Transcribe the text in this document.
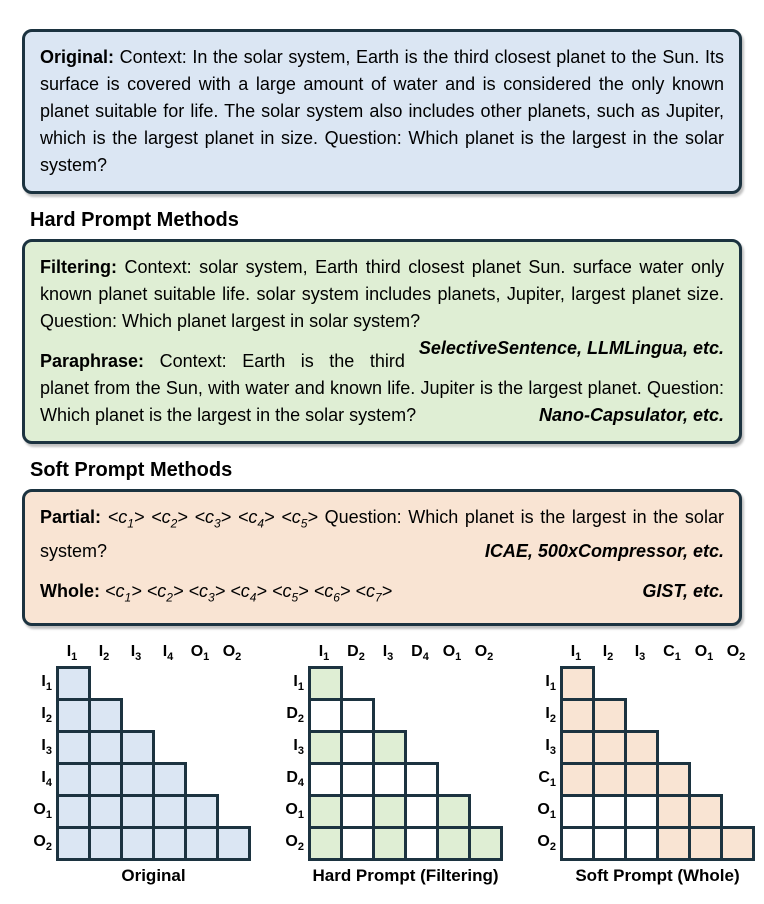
Original: Context: In the solar system, Earth is the third closest planet to the Sun. Its surface is covered with a large amount of water and is considered the only known planet suitable for life. The solar system also includes other planets, such as Jupiter, which is the largest planet in size. Question: Which planet is the largest in the solar system?

Hard Prompt Methods

Filtering: Context: solar system, Earth third closest planet Sun. surface water only known planet suitable life. solar system includes planets, Jupiter, largest planet size. Question: Which planet largest in solar system?
SelectiveSentence, LLMLingua, etc.

Paraphrase: Context: Earth is the third planet from the Sun, with water and known life. Jupiter is the largest planet. Question: Which planet is the largest in the solar system?	Nano-Capsulator, etc.

Soft Prompt Methods

Partial: $<c_1> <c_2> <c_3> <c_4> <c_5>$ Question: Which planet is the largest in the solar system?	ICAE, 500xCompressor, etc.

Whole: $<c_1> <c_2> <c_3> <c_4> <c_5> <c_6> <c_7>$	GIST, etc.

$I_1$	$I_2$	$I_3$	$I_4$	$O_1$ $O_2$
$I_1$
$I_2$
$I_3$
$I_4$
$O_1$
$O_2$
Original
$I_1$	$D_2$	$I_3$	$D_4$ $O_1$ $O_2$
$I_1$
$D_2$
$I_3$
$D_4$
$O_1$
$O_2$
Hard Prompt (Filtering)
$I_1$	$I_2$	$I_3$	$C_1$ $O_1$ $O_2$
$I_1$
$I_2$
$I_3$
$C_1$
$O_1$
$O_2$
Soft Prompt (Whole)
